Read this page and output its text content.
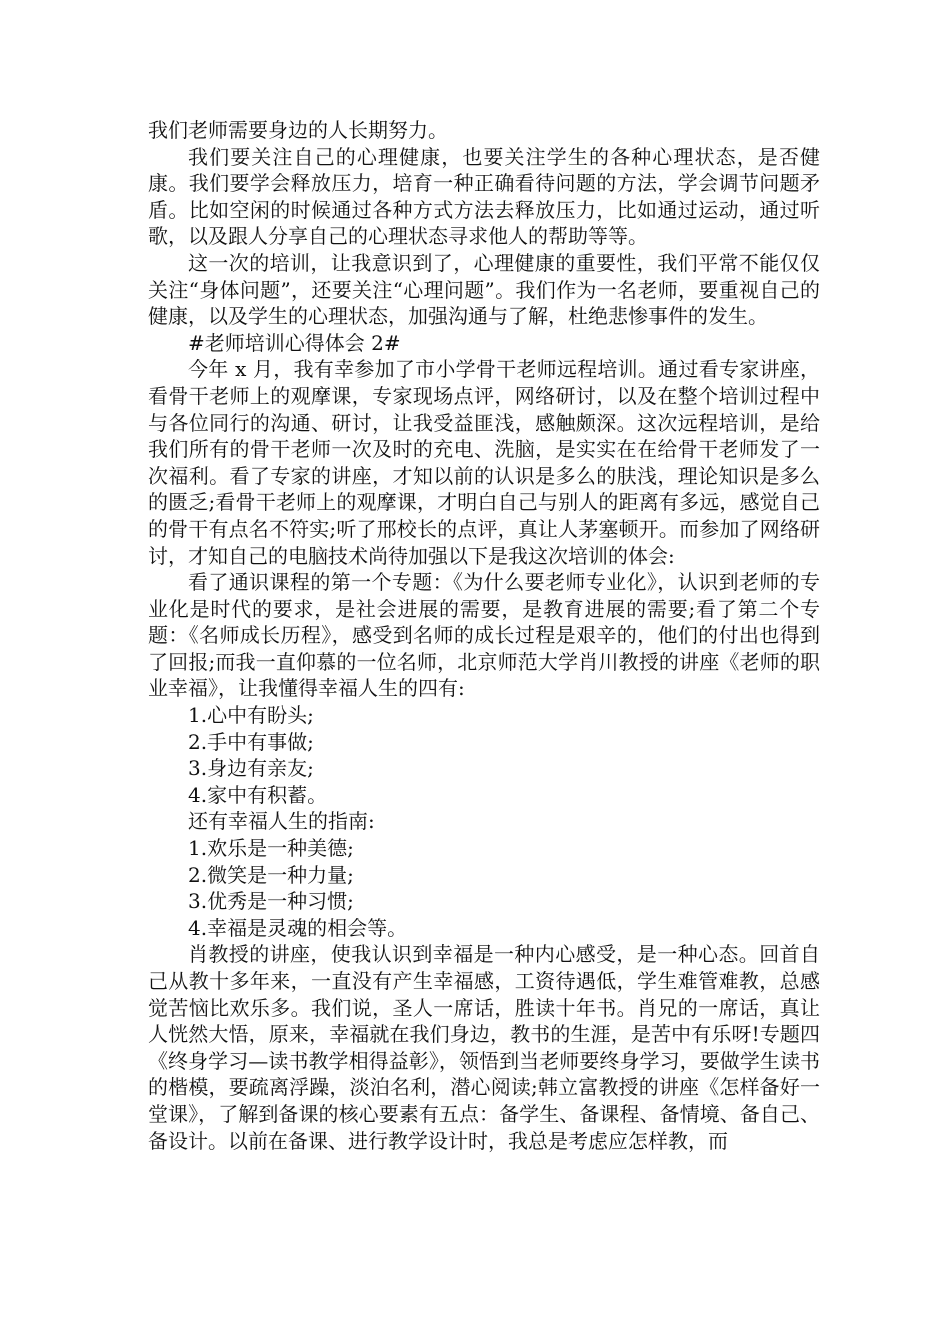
我们老师需要身边的人长期努力。

我们要关注自己的心理健康，也要关注学生的各种心理状态，是否健康。我们要学会释放压力，培育一种正确看待问题的方法，学会调节问题矛盾。比如空闲的时候通过各种方式方法去释放压力，比如通过运动，通过听歌，以及跟人分享自己的心理状态寻求他人的帮助等等。

这一次的培训，让我意识到了，心理健康的重要性，我们平常不能仅仅关注“身体问题”，还要关注“心理问题”。我们作为一名老师，要重视自己的健康，以及学生的心理状态，加强沟通与了解，杜绝悲惨事件的发生。

#老师培训心得体会 2#

今年 x 月，我有幸参加了市小学骨干老师远程培训。通过看专家讲座，看骨干老师上的观摩课，专家现场点评，网络研讨，以及在整个培训过程中与各位同行的沟通、研讨，让我受益匪浅，感触颇深。这次远程培训，是给我们所有的骨干老师一次及时的充电、洗脑，是实实在在给骨干老师发了一次福利。看了专家的讲座，才知以前的认识是多么的肤浅，理论知识是多么的匮乏;看骨干老师上的观摩课，才明白自己与别人的距离有多远，感觉自己的骨干有点名不符实;听了邢校长的点评，真让人茅塞顿开。而参加了网络研讨，才知自己的电脑技术尚待加强以下是我这次培训的体会:

看了通识课程的第一个专题：《为什么要老师专业化》，认识到老师的专业化是时代的要求，是社会进展的需要，是教育进展的需要;看了第二个专题：《名师成长历程》，感受到名师的成长过程是艰辛的，他们的付出也得到了回报;而我一直仰慕的一位名师，北京师范大学肖川教授的讲座《老师的职业幸福》，让我懂得幸福人生的四有:

1.心中有盼头;

2.手中有事做;

3.身边有亲友;

4.家中有积蓄。

还有幸福人生的指南:

1.欢乐是一种美德;

2.微笑是一种力量;

3.优秀是一种习惯;

4.幸福是灵魂的相会等。

肖教授的讲座，使我认识到幸福是一种内心感受，是一种心态。回首自己从教十多年来，一直没有产生幸福感，工资待遇低，学生难管难教，总感觉苦恼比欢乐多。我们说，圣人一席话，胜读十年书。肖兄的一席话，真让人恍然大悟，原来，幸福就在我们身边，教书的生涯，是苦中有乐呀!专题四《终身学习—读书教学相得益彰》，领悟到当老师要终身学习，要做学生读书的楷模，要疏离浮躁，淡泊名利，潜心阅读;韩立富教授的讲座《怎样备好一堂课》，了解到备课的核心要素有五点：备学生、备课程、备情境、备自己、备设计。以前在备课、进行教学设计时，我总是考虑应怎样教，而
